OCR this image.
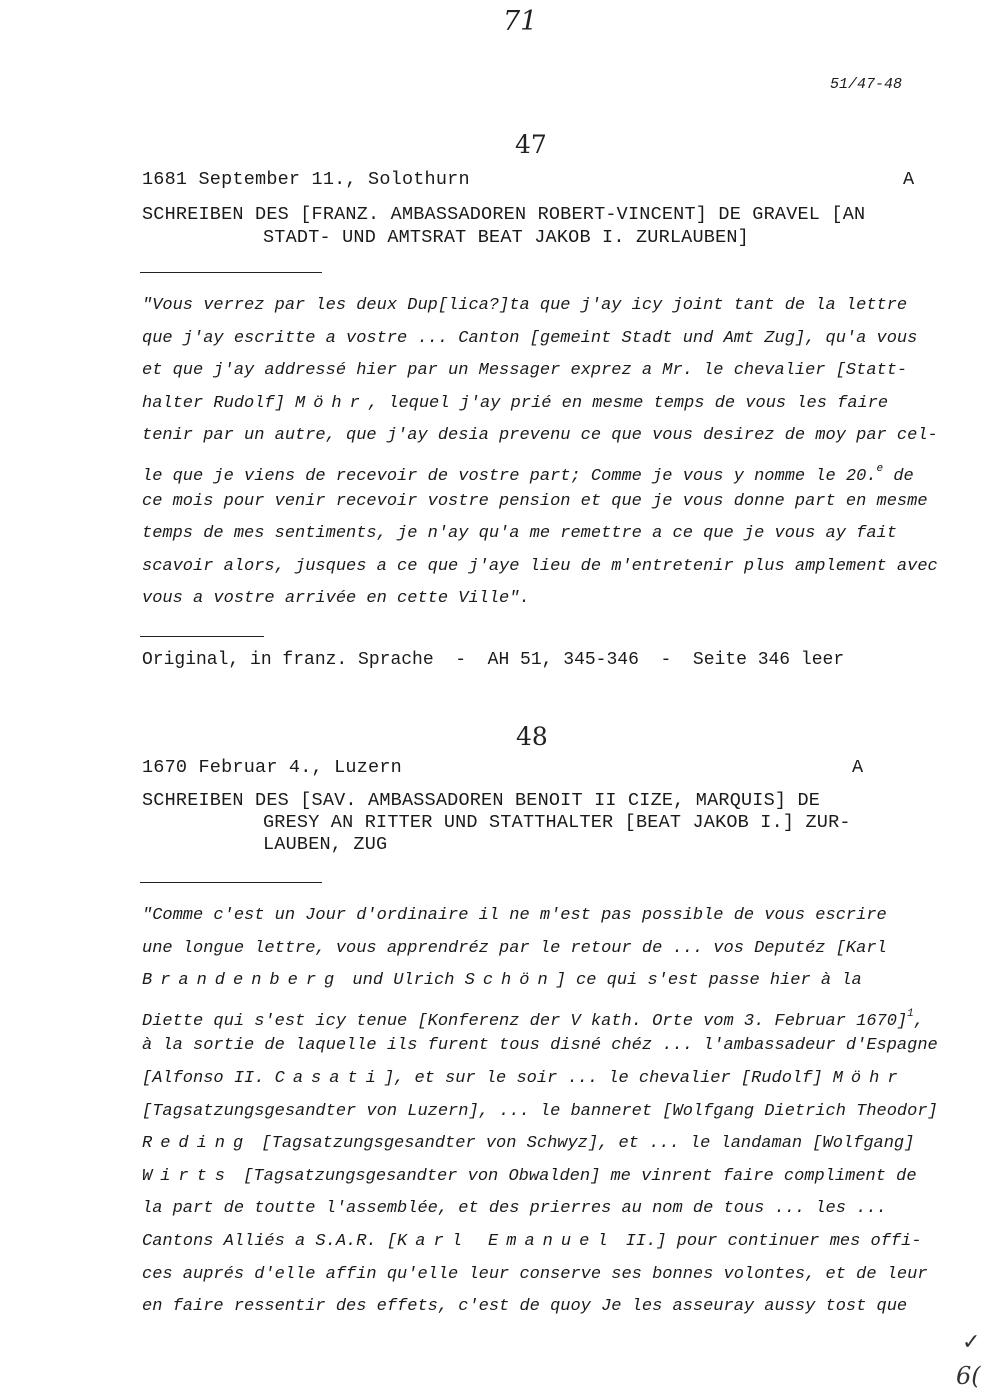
71
51/47-48
47
1681 September 11., Solothurn	A
SCHREIBEN DES [FRANZ. AMBASSADOREN ROBERT-VINCENT] DE GRAVEL [AN
STADT- UND AMTSRAT BEAT JAKOB I. ZURLAUBEN]
"Vous verrez par les deux Dup[lica?]ta que j'ay icy joint tant de la lettre
que j'ay escritte a vostre ... Canton [gemeint Stadt und Amt Zug], qu'a vous
et que j'ay addressé hier par un Messager exprez a Mr. le chevalier [Statt-
halter Rudolf] Möhr, lequel j'ay prié en mesme temps de vous les faire
tenir par un autre, que j'ay desia prevenu ce que vous desirez de moy par cel-
le que je viens de recevoir de vostre part; Comme je vous y nomme le 20.$^e$ de
ce mois pour venir recevoir vostre pension et que je vous donne part en mesme
temps de mes sentiments, je n'ay qu'a me remettre a ce que je vous ay fait
scavoir alors, jusques a ce que j'aye lieu de m'entretenir plus amplement avec
vous a vostre arrivée en cette Ville".
Original, in franz. Sprache  -  AH 51, 345-346  -  Seite 346 leer
48
1670 Februar 4., Luzern	A
SCHREIBEN DES [SAV. AMBASSADOREN BENOIT II CIZE, MARQUIS] DE
GRESY AN RITTER UND STATTHALTER [BEAT JAKOB I.] ZUR-
LAUBEN, ZUG
"Comme c'est un Jour d'ordinaire il ne m'est pas possible de vous escrire
une longue lettre, vous apprendréz par le retour de ... vos Deputéz [Karl
Brandenberg und Ulrich Schön] ce qui s'est passe hier à la
Diette qui s'est icy tenue [Konferenz der V kath. Orte vom 3. Februar 1670]$^1$,
à la sortie de laquelle ils furent tous disné chéz ... l'ambassadeur d'Espagne
[Alfonso II. Casati], et sur le soir ... le chevalier [Rudolf] Möhr
[Tagsatzungsgesandter von Luzern], ... le banneret [Wolfgang Dietrich Theodor]
Reding [Tagsatzungsgesandter von Schwyz], et ... le landaman [Wolfgang]
Wirts [Tagsatzungsgesandter von Obwalden] me vinrent faire compliment de
la part de toutte l'assemblée, et des prierres au nom de tous ... les ...
Cantons Alliés a S.A.R. [Karl Emanuel II.] pour continuer mes offi-
ces auprés d'elle affin qu'elle leur conserve ses bonnes volontes, et de leur
en faire ressentir des effets, c'est de quoy Je les asseuray aussy tost que
✓
6(
